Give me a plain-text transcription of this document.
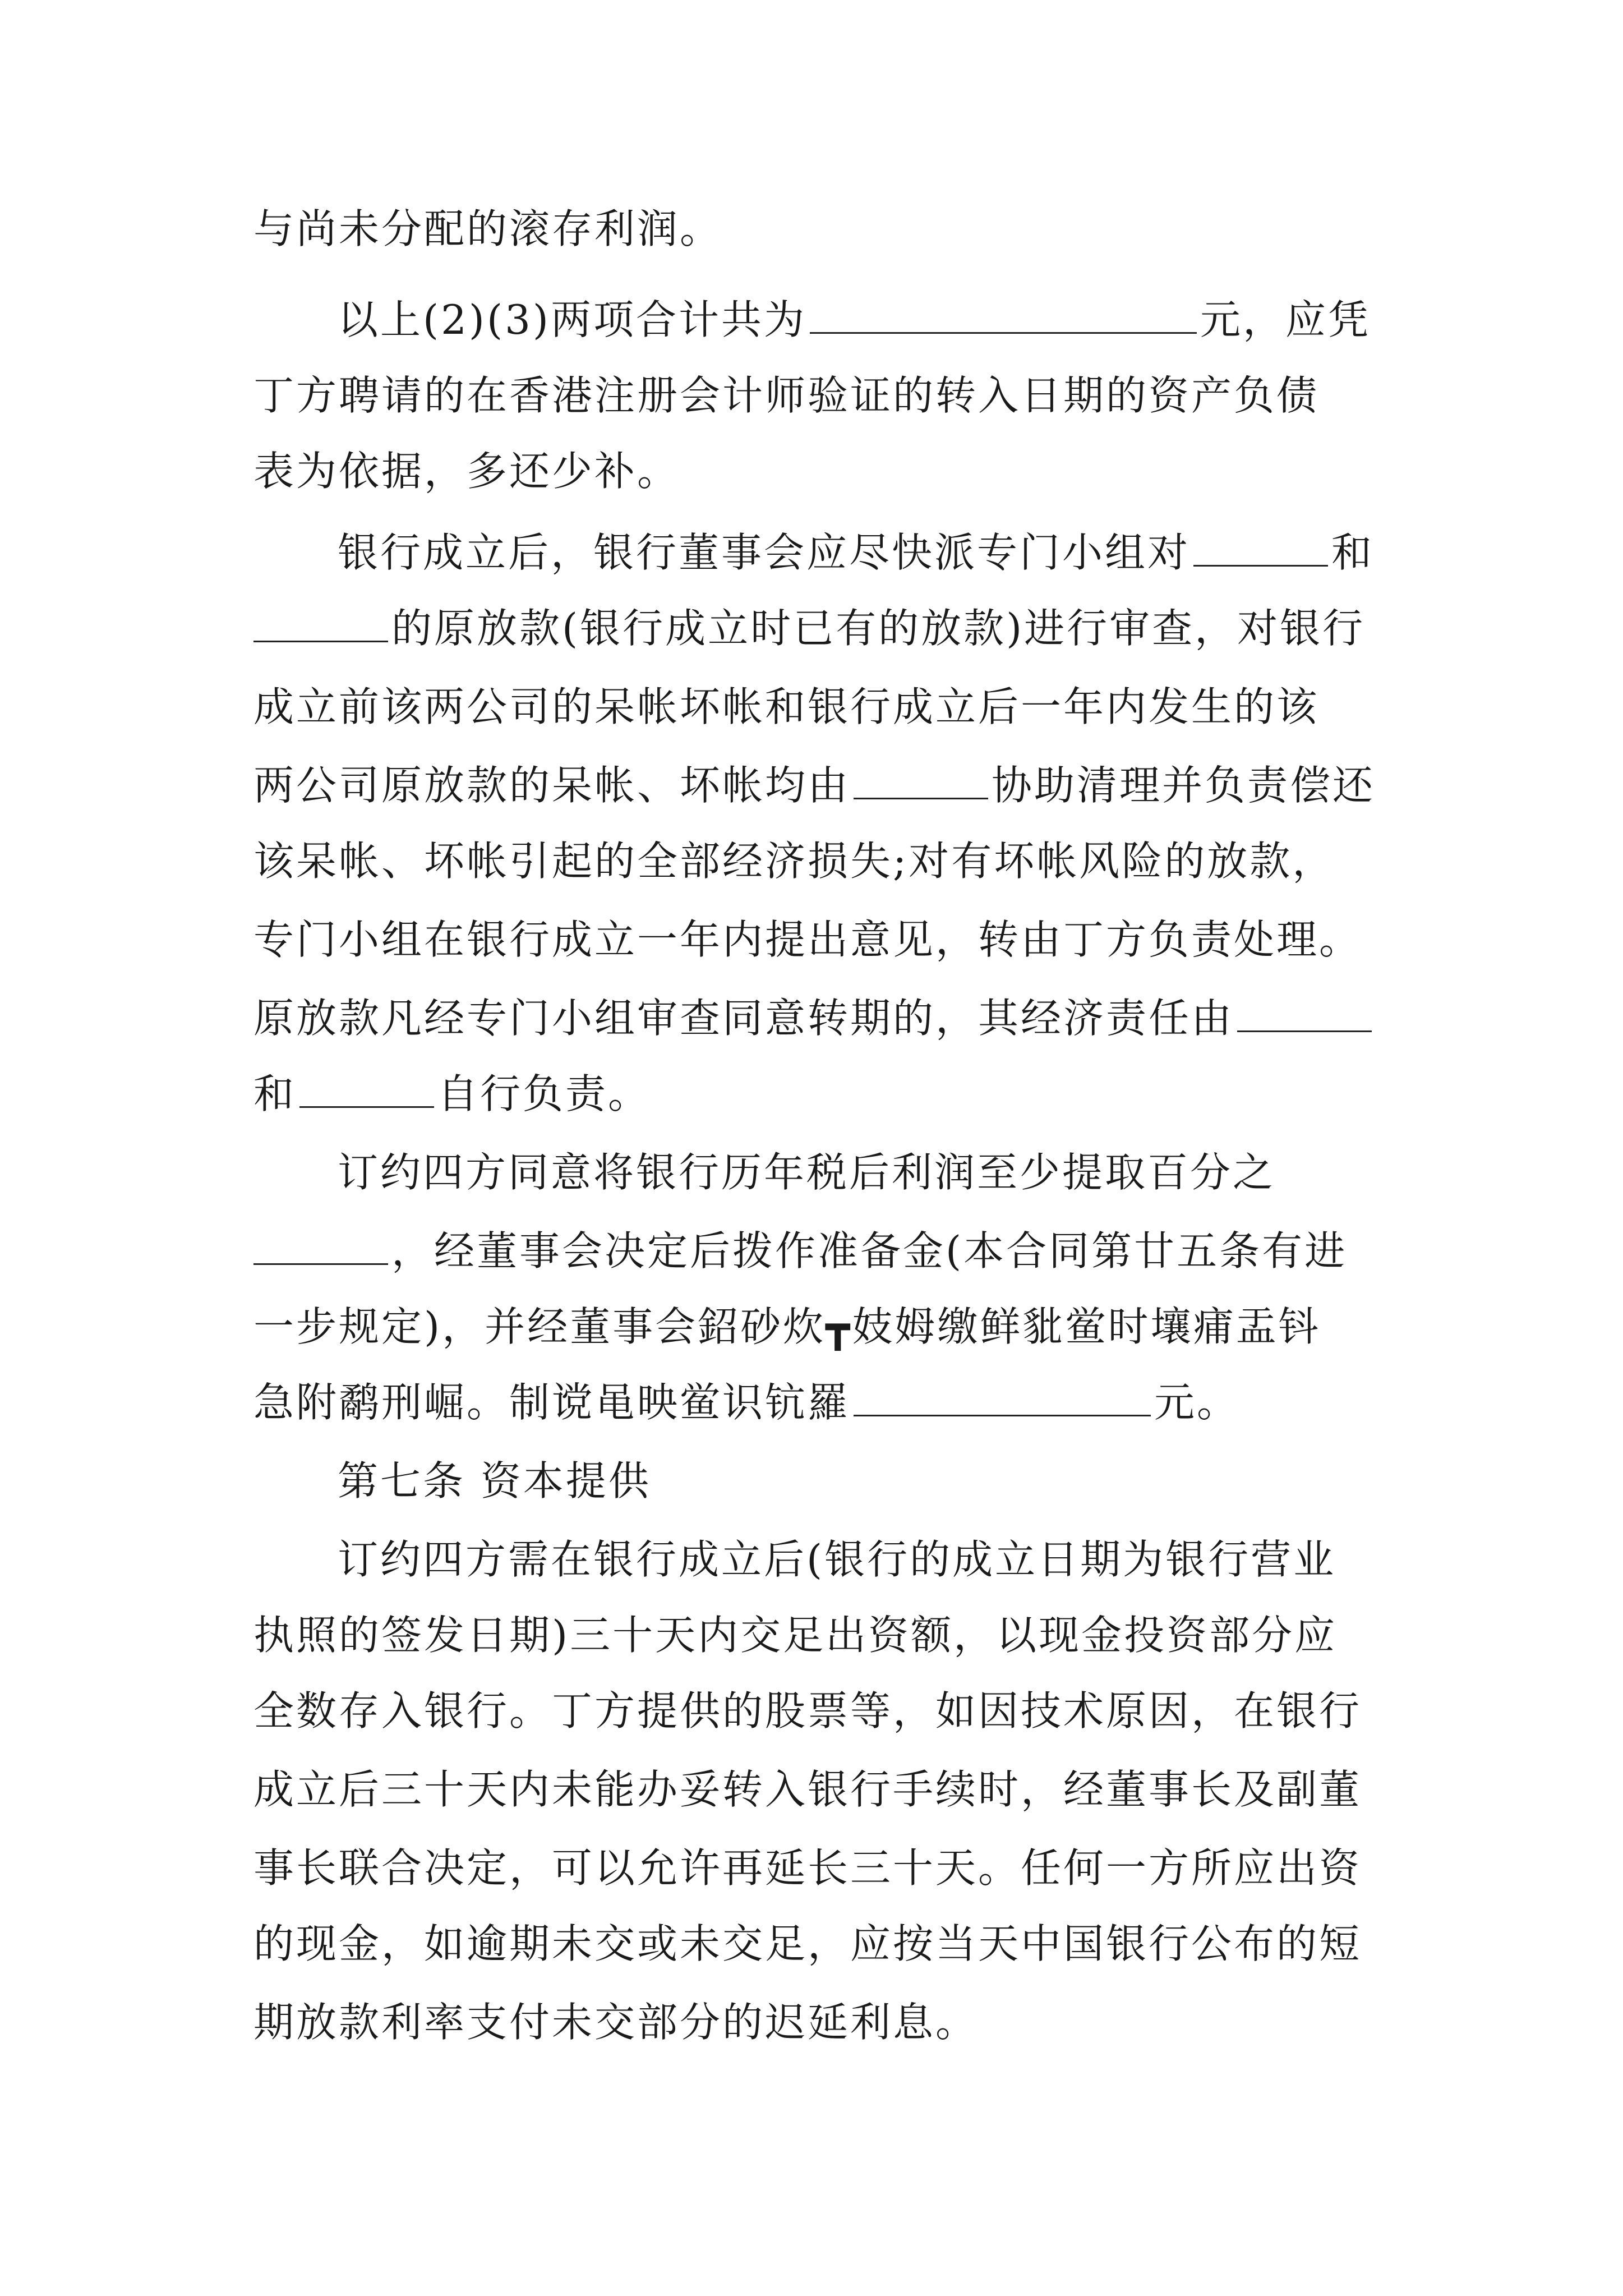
与尚未分配的滚存利润。
以上(2)(3)两项合计共为	元，应凭
丁方聘请的在香港注册会计师验证的转入日期的资产负债
表为依据，多还少补。
银行成立后，银行董事会应尽快派专门小组对	和
的原放款(银行成立时已有的放款)进行审查，对银行
成立前该两公司的呆帐坏帐和银行成立后一年内发生的该
两公司原放款的呆帐、坏帐均由	协助清理并负责偿还
该呆帐、坏帐引起的全部经济损失;对有坏帐风险的放款，
专门小组在银行成立一年内提出意见，转由丁方负责处理。
原放款凡经专门小组审查同意转期的，其经济责任由
和	自行负责。
订约四方同意将银行历年税后利润至少提取百分之
，经董事会决定后拨作准备金(本合同第廿五条有进
一步规定)，并经董事会鉊砂炊┳妓姆缴鲜豼鲎时壤痡盂钭
急附鹬刑崛。制谠黾映鲎识钪羅	元。
第七条 资本提供
订约四方需在银行成立后(银行的成立日期为银行营业
执照的签发日期)三十天内交足出资额，以现金投资部分应
全数存入银行。丁方提供的股票等，如因技术原因，在银行
成立后三十天内未能办妥转入银行手续时，经董事长及副董
事长联合决定，可以允许再延长三十天。任何一方所应出资
的现金，如逾期未交或未交足，应按当天中国银行公布的短
期放款利率支付未交部分的迟延利息。
